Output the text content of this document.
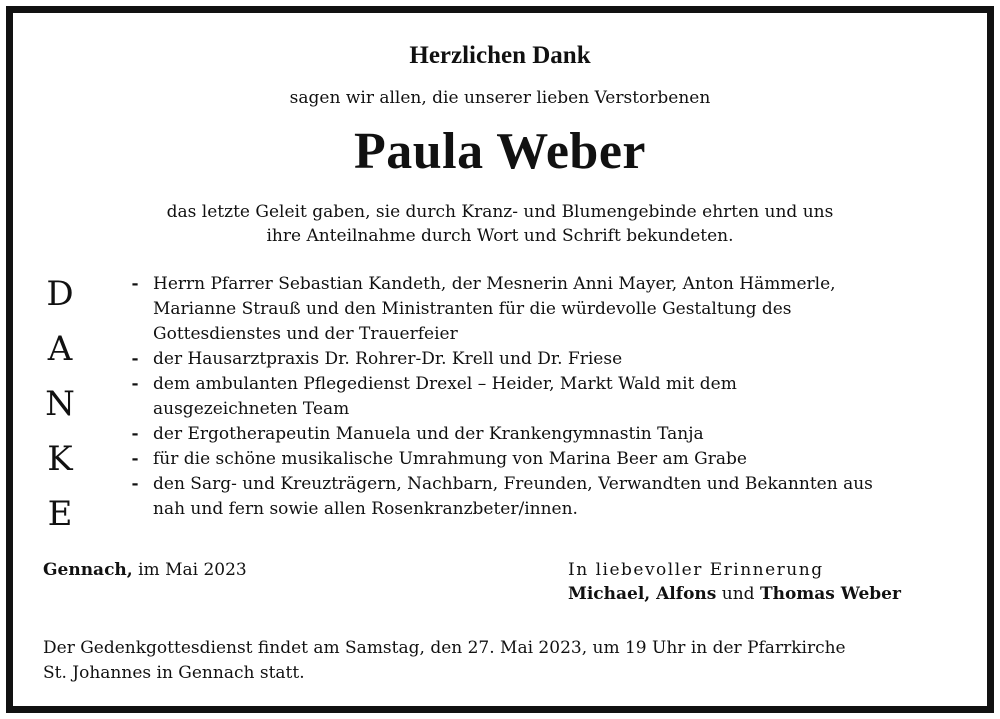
Herzlichen Dank
sagen wir allen, die unserer lieben Verstorbenen
Paula Weber
das letzte Geleit gaben, sie durch Kranz- und Blumengebinde ehrten und uns
ihre Anteilnahme durch Wort und Schrift bekundeten.
D
A
N
K
E
- Herrn Pfarrer Sebastian Kandeth, der Mesnerin Anni Mayer, Anton Hämmerle,
Marianne Strauß und den Ministranten für die würdevolle Gestaltung des
Gottesdienstes und der Trauerfeier
- der Hausarztpraxis Dr. Rohrer-Dr. Krell und Dr. Friese
- dem ambulanten Pflegedienst Drexel – Heider, Markt Wald mit dem
ausgezeichneten Team
- der Ergotherapeutin Manuela und der Krankengymnastin Tanja
- für die schöne musikalische Umrahmung von Marina Beer am Grabe
- den Sarg- und Kreuzträgern, Nachbarn, Freunden, Verwandten und Bekannten aus
nah und fern sowie allen Rosenkranzbeter/innen.
Gennach, im Mai 2023	In liebevoller Erinnerung
Michael, Alfons und Thomas Weber
Der Gedenkgottesdienst findet am Samstag, den 27. Mai 2023, um 19 Uhr in der Pfarrkirche
St. Johannes in Gennach statt.
